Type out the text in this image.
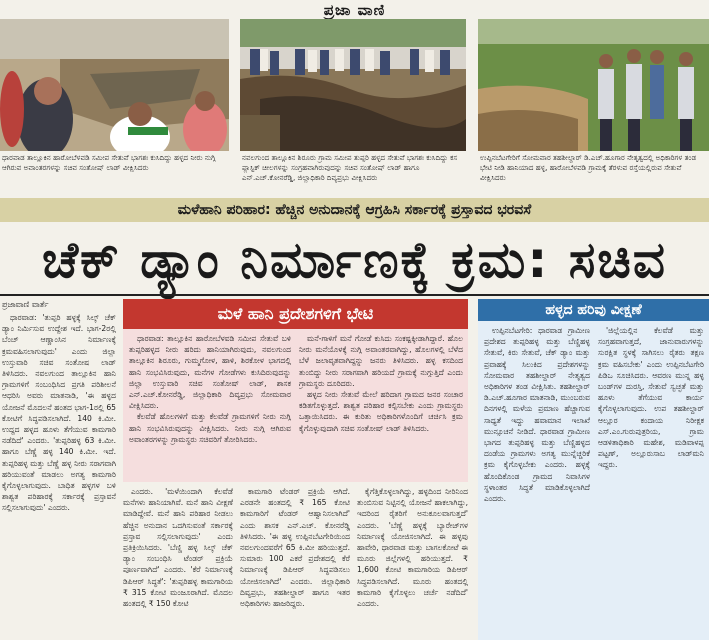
ಪ್ರಜಾ ವಾಣಿ
ಧಾರವಾಡ ತಾಲ್ಲೂಕಿನ ಹಾರೋಬೆಳವಡಿ ಸಮೀಪ ಸೇತುವೆ ಭಾಗಶಃ ಕುಸಿದಿದ್ದು ಹಳ್ಳದ ನೀರು ನುಗ್ಗಿ ಆಗಿರುವ ಅವಾಂತರಗಳನ್ನು ಸಚಿವ ಸಂತೋಷ್ ಲಾಡ್ ವೀಕ್ಷಿಸಿದರು
ನವಲಗುಂದ ತಾಲ್ಲೂಕಿನ ಶಿರೂರು ಗ್ರಾಮ ಸಮೀಪ ತುಪ್ಪರಿ ಹಳ್ಳದ ಸೇತುವೆ ಭಾಗಶಃ ಕುಸಿದಿದ್ದು ಕಸ ಪ್ಲಾಸ್ಟಿಕ್ ಚೀಲಗಳನ್ನು ಸಂಗ್ರಹವಾಗಿರುವುದನ್ನು ಸಚಿವ ಸಂತೋಷ್ ಲಾಡ್ ಹಾಗೂ ಎನ್.ಎಚ್.ಕೋನರೆಡ್ಡಿ, ಜಿಲ್ಲಾಧಿಕಾರಿ ದಿವ್ಯಪ್ರಭು ವೀಕ್ಷಿಸಿದರು
ಉಪ್ಪಿನಬೆಟಗೇರಿಗೆ ಸೋಮವಾರ ತಹಶೀಲ್ದಾರ್ ಡಿ.ಎಚ್.ಹೂಗಾರ ನೇತೃತ್ವದಲ್ಲಿ ಅಧಿಕಾರಿಗಳ ತಂಡ ಭೇಟಿ ನೀಡಿ ಹಾನಿಯಾದ ಹಳ್ಳ, ಹಾರೋಬೆಳವಡಿ ಗ್ರಾಮಕ್ಕೆ ತೆರಳುವ ರಸ್ತೆಯಲ್ಲಿರುವ ಸೇತುವೆ ವೀಕ್ಷಿಸಿದರು
ಮಳೆಹಾನಿ ಪರಿಹಾರ: ಹೆಚ್ಚಿನ ಅನುದಾನಕ್ಕೆ ಆಗ್ರಹಿಸಿ ಸರ್ಕಾರಕ್ಕೆ ಪ್ರಸ್ತಾವದ ಭರವಸೆ
ಚೆಕ್ ಡ್ಯಾಂ ನಿರ್ಮಾಣಕ್ಕೆ ಕ್ರಮ: ಸಚಿವ
ಪ್ರಜಾವಾಣಿ ವಾರ್ತೆ	ಮಳೆ ಹಾನಿ ಪ್ರದೇಶಗಳಿಗೆ ಭೇಟಿ

ಧಾರವಾಡ: ತಾಲ್ಲೂಕಿನ ಹಾರೋಬೆಳವಡಿ ಸಮೀಪ ಸೇತುವೆ ಬಳಿ ತುಪ್ಪರಿಹಳ್ಳದ ನೀರು ಹರಿದು ಹಾನಿಯಾಗಿರುವುದು, ನವಲಗುಂದ ತಾಲ್ಲೂಕಿನ ಶಿರೂರು, ಗುಮ್ಮಗೋಳ, ಹಾಳಿ, ಶಿರಕೋಳ ಭಾಗದಲ್ಲಿ ಹಾನಿ ಸಂಭವಿಸಿರುವುದು, ಮನೆಗಳ ಗೋಡೆಗಳು ಕುಸಿದಿರುವುದನ್ನು ಜಿಲ್ಲಾ ಉಸ್ತುವಾರಿ ಸಚಿವ ಸಂತೋಷ್ ಲಾಡ್, ಶಾಸಕ ಎನ್.ಎಚ್.ಕೋನರೆಡ್ಡಿ, ಜಿಲ್ಲಾಧಿಕಾರಿ ದಿವ್ಯಪ್ರಭು ಸೋಮವಾರ ವೀಕ್ಷಿಸಿದರು.

ಕೆಲವೆಡೆ ಹೊಲಗಳಿಗೆ ಮತ್ತು ಕೆಲವೆಡೆ ಗ್ರಾಮಗಳಿಗೆ ನೀರು ನುಗ್ಗಿ ಹಾನಿ ಸಂಭವಿಸಿರುವುದನ್ನು ವೀಕ್ಷಿಸಿದರು. ನೀರು ನುಗ್ಗಿ ಆಗಿರುವ ಅವಾಂತರಗಳನ್ನು ಗ್ರಾಮಸ್ಥರು ಸಚಿವರಿಗೆ ತೋರಿಸಿದರು.

ಮನೆ-ಗಾಳಿಗೆ ಮನೆ ಗೋಡೆ ಕುಸಿದು ಸಂಕಷ್ಟಕ್ಕೀಡಾಗಿದ್ದಾರೆ. ಹೊಲ ನೀರು ಮನೆಯೊಳಕ್ಕೆ ನುಗ್ಗಿ ಅವಾಂತರವಾಗಿದ್ದು, ಹೊಲಗಳಲ್ಲಿ ಬೆಳೆದ ಬೆಳೆ ಜಲಾವೃತವಾಗಿದ್ದನ್ನು ಜನರು ತಿಳಿಸಿದರು. ಹಳ್ಳ ಕಸದಿಂದ ತುಂಬಿದ್ದು ನೀರು ಸರಾಗವಾಗಿ ಹರಿಯದೆ ಗ್ರಾಮಕ್ಕೆ ನುಗ್ಗುತ್ತಿದೆ ಎಂದು ಗ್ರಾಮಸ್ಥರು ದೂರಿದರು.

ಹಳ್ಳದ ನೀರು ಸೇತುವೆ ಮೇಲೆ ಹರಿದಾಗ ಗ್ರಾಮದ ಜನರ ಸಂಚಾರ ಕಡಿತಗೊಳ್ಳುತ್ತದೆ. ಶಾಶ್ವತ ಪರಿಹಾರ ಕಲ್ಪಿಸಬೇಕು ಎಂದು ಗ್ರಾಮಸ್ಥರು ಒತ್ತಾಯಿಸಿದರು. ಈ ಕುರಿತು ಅಧಿಕಾರಿಗಳೊಂದಿಗೆ ಚರ್ಚಿಸಿ ಕ್ರಮ ಕೈಗೊಳ್ಳುವುದಾಗಿ ಸಚಿವ ಸಂತೋಷ್ ಲಾಡ್ ತಿಳಿಸಿದರು.

ಹಳ್ಳದ ಹರಿವು ವೀಕ್ಷಣೆ

ಉಪ್ಪಿನಬೆಟಗೇರಿ: ಧಾರವಾಡ ಗ್ರಾಮೀಣ ಪ್ರದೇಶದ ತುಪ್ಪರಿಹಳ್ಳ ಮತ್ತು ಬೆಣ್ಣಿಹಳ್ಳ ಸೇತುವೆ, ಕಿರು ಸೇತುವೆ, ಚೆಕ್ ಡ್ಯಾಂ ಮತ್ತು ಪ್ರವಾಹಕ್ಕೆ ಸಿಲುಕಿದ ಪ್ರದೇಶಗಳನ್ನು ಸೋಮವಾರ ತಹಶೀಲ್ದಾರ್ ನೇತೃತ್ವದ ಅಧಿಕಾರಿಗಳ ತಂಡ ವೀಕ್ಷಿಸಿತು. ತಹಶೀಲ್ದಾರ್ ಡಿ.ಎಚ್.ಹೂಗಾರ ಮಾತನಾಡಿ, ಮುಂಬರುವ ದಿನಗಳಲ್ಲಿ ಮಳೆಯ ಪ್ರಮಾಣ ಹೆಚ್ಚಾಗುವ ಸಾಧ್ಯತೆ ಇದ್ದು ಹವಾಮಾನ ಇಲಾಖೆ ಮುನ್ಸೂಚನೆ ನೀಡಿದೆ. ಧಾರವಾಡ ಗ್ರಾಮೀಣ ಭಾಗದ ತುಪ್ಪರಿಹಳ್ಳ ಮತ್ತು ಬೆಣ್ಣಿಹಳ್ಳದ ದಂಡೆಯ ಗ್ರಾಮಗಳು ಅಗತ್ಯ ಮುನ್ನೆಚ್ಚರಿಕೆ ಕ್ರಮ ಕೈಗೊಳ್ಳಬೇಕು ಎಂದರು. ಹಳ್ಳಕ್ಕೆ ಹೊಂದಿಕೊಂಡ ಗ್ರಾಮದ ನಿವಾಸಿಗಳ ಸ್ಥಳಾಂತರ ಸಿದ್ಧತೆ ಮಾಡಿಕೊಳ್ಳಲಾಗಿದೆ ಎಂದರು.

'ಜಿಲ್ಲೆಯಲ್ಲಿನ ಕೆಲವೆಡೆ ಮತ್ತು ಸಂಗ್ರಹವಾಗುತ್ತದೆ, ಜಾನುವಾರುಗಳನ್ನು ಸುರಕ್ಷಿತ ಸ್ಥಳಕ್ಕೆ ಸಾಗಿಸಲು ರೈತರು ತಕ್ಷಣ ಕ್ರಮ ವಹಿಸಬೇಕು' ಎಂದು ಉಪ್ಪಿನಬೆಟಗೇರಿ ಪಿಡಿಒ ಸೂಚಿಸಿದರು. ಆವರಣ ಮುನ್ನ ಹಳ್ಳ ಬಂಡ್‌ಗಳ ದುರಸ್ತಿ, ಸೇತುವೆ ಸ್ವಚ್ಛತೆ ಮತ್ತು ಹೂಳು ತೆಗೆಯುವ ಕಾರ್ಯ ಕೈಗೊಳ್ಳಲಾಗುವುದು. ಉಪ ತಹಶೀಲ್ದಾರ್ ಆಲ್ಲೂರ ಕಂದಾಯ ನಿರೀಕ್ಷಕ ಎಸ್.ಎಂ.ಗುರುಪುತ್ರರಿಯ, ಗ್ರಾಮ ಆಡಳಿತಾಧಿಕಾರಿ ಮಹೇಶ, ಮಡಿವಾಳಪ್ಪ ಪಟ್ಟಣ್, ಅಲ್ಲೂರುಸಾಬ ಲಾಡ್‌ಮನಿ ಇದ್ದರು.

ಧಾರವಾಡ: 'ತುಪ್ಪರಿ ಹಳ್ಳಕ್ಕೆ ಸಿಲ್ಕ್ ಚೆಕ್ ಡ್ಯಾಂ ನಿರ್ಮಿಸುವ ಉದ್ದೇಶ ಇದೆ. ಭಾಗ-2ರಲ್ಲಿ ಬೆಂಚ್ ಆಣ್ಣಾಂಸಿನ ನಿರ್ಮಾಣಕ್ಕೆ ಕ್ರಮವಹಿಸಲಾಗುವುದು' ಎಂದು ಜಿಲ್ಲಾ ಉಸ್ತುವಾರಿ ಸಚಿವ ಸಂತೋಷ ಲಾಡ್ ತಿಳಿಸಿದರು. ನವಲಗುಂದ ತಾಲ್ಲೂಕಿನ ಹಾನಿ ಗ್ರಾಮಗಳಿಗೆ ಸಂಬಂಧಿಸಿದ ಪ್ರಗತಿ ಪರಿಶೀಲನೆ ಆಧರಿಸಿ ಅವರು ಮಾತನಾಡಿ, 'ಈ ಹಳ್ಳದ ಯೋಜನೆ ಮೊದಲನೆ ಹಂತದ ಭಾಗ-1ರಲ್ಲಿ 65 ಕೋಟಿಗೆ ಸಿದ್ಧಪಡಿಸಲಾಗಿದೆ. 140 ಕಿ.ಮೀ. ಉದ್ದದ ಹಳ್ಳದ ಹೂಳು ತೆಗೆಯುವ ಕಾಮಗಾರಿ ನಡೆದಿದೆ' ಎಂದರು. 'ತುಪ್ಪರಿಹಳ್ಳ 63 ಕಿ.ಮೀ. ಹಾಗೂ ಬೆಣ್ಣೆ ಹಳ್ಳ 140 ಕಿ.ಮೀ. ಇದೆ. ತುಪ್ಪರಿಹಳ್ಳ ಮತ್ತು ಬೆಣ್ಣೆ ಹಳ್ಳ ನೀರು ಸರಾಗವಾಗಿ ಹರಿಯುವಂತೆ ಮಾಡಲು ಅಗತ್ಯ ಕಾಮಗಾರಿ ಕೈಗೊಳ್ಳಲಾಗುವುದು. ಬಾಧಿತ ಹಳ್ಳಗಳ ಬಳಿ ಶಾಶ್ವತ ಪರಿಹಾರಕ್ಕೆ ಸರ್ಕಾರಕ್ಕೆ ಪ್ರಸ್ತಾವನೆ ಸಲ್ಲಿಸಲಾಗುವುದು' ಎಂದರು.

ಎಂದರು. 'ಮಳೆಯಿಂದಾಗಿ ಕೆಲವೆಡೆ ಮನೆಗಳು ಹಾನಿಯಾಗಿವೆ. ಮನೆ ಹಾನಿ ವೀಕ್ಷಣೆ ಮಾಡಿದ್ದೇವೆ. ಮನೆ ಹಾನಿ ಪರಿಹಾರ ನೀಡಲು ಹೆಚ್ಚಿನ ಅನುದಾನ ಒದಗಿಸುವಂತೆ ಸರ್ಕಾರಕ್ಕೆ ಪ್ರಸ್ತಾವ ಸಲ್ಲಿಸಲಾಗುವುದು' ಎಂದು ಪ್ರತಿಕ್ರಿಯಿಸಿದರು. 'ಬೆಣ್ಣಿ ಹಳ್ಳ ಸಿಲ್ಕ್ ಚೆಕ್ ಡ್ಯಾಂ ಸಂಬಂಧಿಸಿ ಟೆಂಡರ್ ಪ್ರಕ್ರಿಯೆ ಪೂರ್ಣವಾಗಿದೆ' ಎಂದರು. 'ಕೆರೆ ನಿರ್ಮಾಣಕ್ಕೆ ಡಿಪಿಆರ್ ಸಿದ್ಧತೆ': 'ತುಪ್ಪರಿಹಳ್ಳ ಕಾಮಗಾರಿಯ ₹ 315 ಕೋಟಿ ಮಂಜೂರಾಗಿದೆ. ಮೊದಲ ಹಂತದಲ್ಲಿ ₹ 150 ಕೋಟಿ

ಕಾಮಗಾರಿ ಟೆಂಡರ್ ಪ್ರಕ್ರಿಯೆ ಆಗಿದೆ. ಎರಡನೇ ಹಂತದಲ್ಲಿ ₹ 165 ಕೋಟಿ ಕಾಮಗಾರಿಗೆ ಟೆಂಡರ್ ಆಹ್ವಾನಿಸಲಾಗಿದೆ' ಎಂದು ಶಾಸಕ ಎನ್.ಎಚ್. ಕೋನರೆಡ್ಡಿ ತಿಳಿಸಿದರು. 'ಈ ಹಳ್ಳ ಉಪ್ಪಿನಬೆಟಗೇರಿಯಿಂದ ನವಲಗುಂದವರೆಗೆ 65 ಕಿ.ಮೀ ಹರಿಯುತ್ತದೆ. ಸುಮಾರು 100 ಎಕರೆ ಪ್ರದೇಶದಲ್ಲಿ ಕೆರೆ ನಿರ್ಮಾಣಕ್ಕೆ ಡಿಪಿಆರ್ ಸಿದ್ಧಪಡಿಸಲು ಯೋಜಿಸಲಾಗಿದೆ' ಎಂದರು. ಜಿಲ್ಲಾಧಿಕಾರಿ ದಿವ್ಯಪ್ರಭು, ತಹಶೀಲ್ದಾರ್ ಹಾಗೂ ಇತರ ಅಧಿಕಾರಿಗಳು ಹಾಜರಿದ್ದರು.

ಕೈಗೆತ್ತಿಕೊಳ್ಳಲಾಗಿದ್ದು, ಹಳ್ಳದಿಂದ ನೀರಿನಿಂದ ತುಂಬಿಸುವ ನಿಟ್ಟಿನಲ್ಲಿ ಯೋಜನೆ ಹಾಕಲಾಗಿದ್ದು, ಇದರಿಂದ ರೈತರಿಗೆ ಅನುಕೂಲವಾಗುತ್ತದೆ' ಎಂದರು. 'ಬೆಣ್ಣೆ ಹಳ್ಳಕ್ಕೆ ಬ್ಯಾರೇಜ್‌ಗಳ ನಿರ್ಮಾಣಕ್ಕೆ ಯೋಜಿಸಲಾಗಿದೆ. ಈ ಹಳ್ಳವು ಹಾವೇರಿ, ಧಾರವಾಡ ಮತ್ತು ಬಾಗಲಕೋಟೆ ಈ ಮೂರು ಜಿಲ್ಲೆಗಳಲ್ಲಿ ಹರಿಯುತ್ತದೆ. ₹ 1,600 ಕೋಟಿ ಕಾಮಗಾರಿಯ ಡಿಪಿಆರ್ ಸಿದ್ಧಪಡಿಸಲಾಗಿದೆ. ಮೂರು ಹಂತದಲ್ಲಿ ಕಾಮಗಾರಿ ಕೈಗೊಳ್ಳಲು ಚರ್ಚೆ ನಡೆದಿದೆ' ಎಂದರು.
